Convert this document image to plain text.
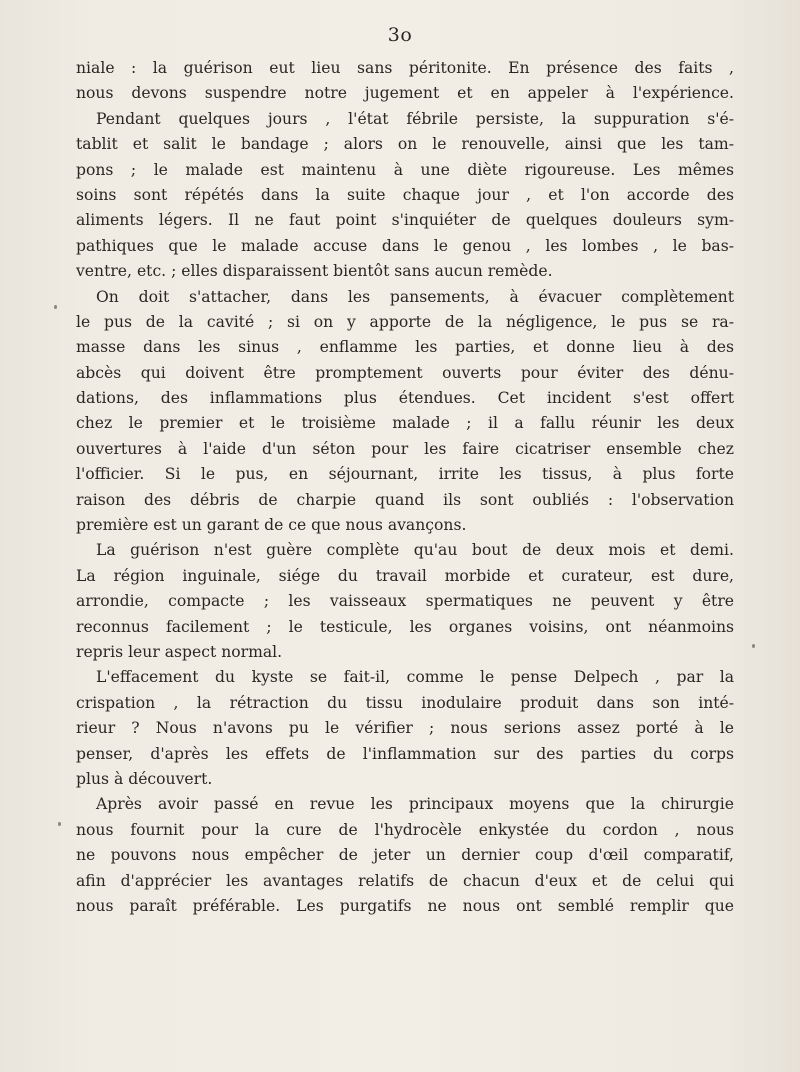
3o
niale : la guérison eut lieu sans péritonite. En présence des faits ,
nous devons suspendre notre jugement et en appeler à l'expérience.
Pendant quelques jours , l'état fébrile persiste, la suppuration s'é-
tablit et salit le bandage ; alors on le renouvelle, ainsi que les tam-
pons ; le malade est maintenu à une diète rigoureuse. Les mêmes
soins sont répétés dans la suite chaque jour , et l'on accorde des
aliments légers. Il ne faut point s'inquiéter de quelques douleurs sym-
pathiques que le malade accuse dans le genou , les lombes , le bas-
ventre, etc. ; elles disparaissent bientôt sans aucun remède.
On doit s'attacher, dans les pansements, à évacuer complètement
le pus de la cavité ; si on y apporte de la négligence, le pus se ra-
masse dans les sinus , enflamme les parties, et donne lieu à des
abcès qui doivent être promptement ouverts pour éviter des dénu-
dations, des inflammations plus étendues. Cet incident s'est offert
chez le premier et le troisième malade ; il a fallu réunir les deux
ouvertures à l'aide d'un séton pour les faire cicatriser ensemble chez
l'officier. Si le pus, en séjournant, irrite les tissus, à plus forte
raison des débris de charpie quand ils sont oubliés : l'observation
première est un garant de ce que nous avançons.
La guérison n'est guère complète qu'au bout de deux mois et demi.
La région inguinale, siége du travail morbide et curateur, est dure,
arrondie, compacte ; les vaisseaux spermatiques ne peuvent y être
reconnus facilement ; le testicule, les organes voisins, ont néanmoins
repris leur aspect normal.
L'effacement du kyste se fait-il, comme le pense Delpech , par la
crispation , la rétraction du tissu inodulaire produit dans son inté-
rieur ? Nous n'avons pu le vérifier ; nous serions assez porté à le
penser, d'après les effets de l'inflammation sur des parties du corps
plus à découvert.
Après avoir passé en revue les principaux moyens que la chirurgie
nous fournit pour la cure de l'hydrocèle enkystée du cordon , nous
ne pouvons nous empêcher de jeter un dernier coup d'œil comparatif,
afin d'apprécier les avantages relatifs de chacun d'eux et de celui qui
nous paraît préférable. Les purgatifs ne nous ont semblé remplir que
